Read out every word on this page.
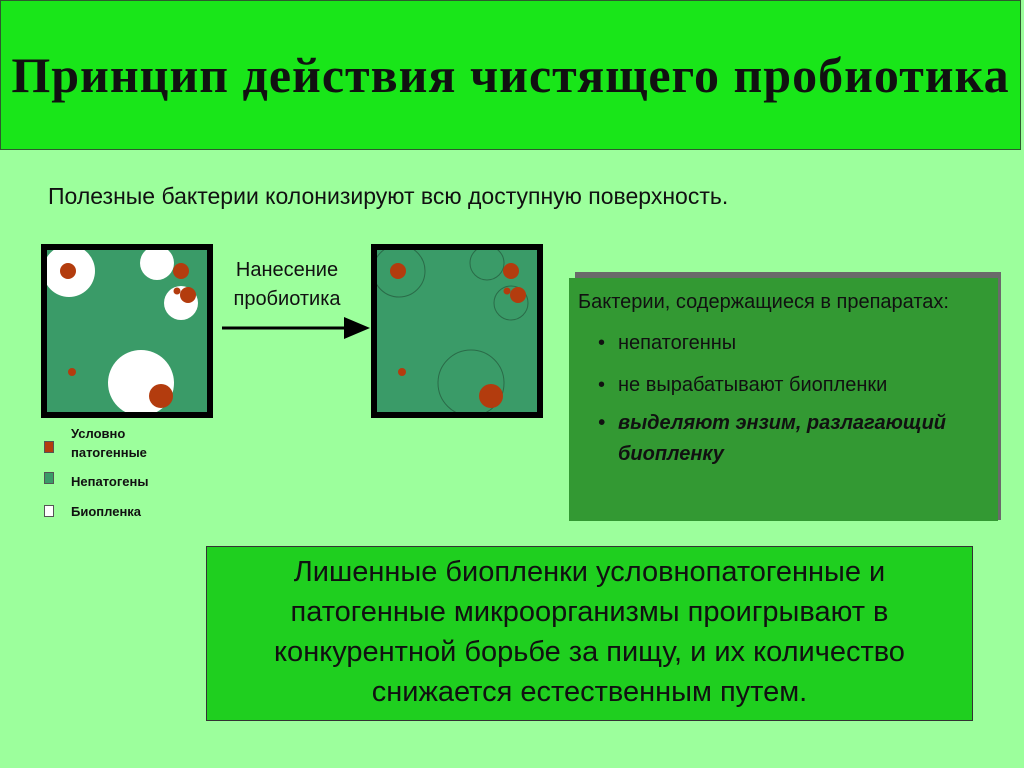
Принцип действия чистящего пробиотика
Полезные бактерии колонизируют всю доступную поверхность.
Нанесение пробиотика
Условно патогенные
Непатогены
Биопленка

Бактерии, содержащиеся в препаратах:

• непатогенны
• не вырабатывают биопленки
• выделяют энзим, разлагающий биопленку
Лишенные биопленки условнопатогенные и патогенные микроорганизмы проигрывают в конкурентной борьбе за пищу, и их количество снижается естественным путем.
